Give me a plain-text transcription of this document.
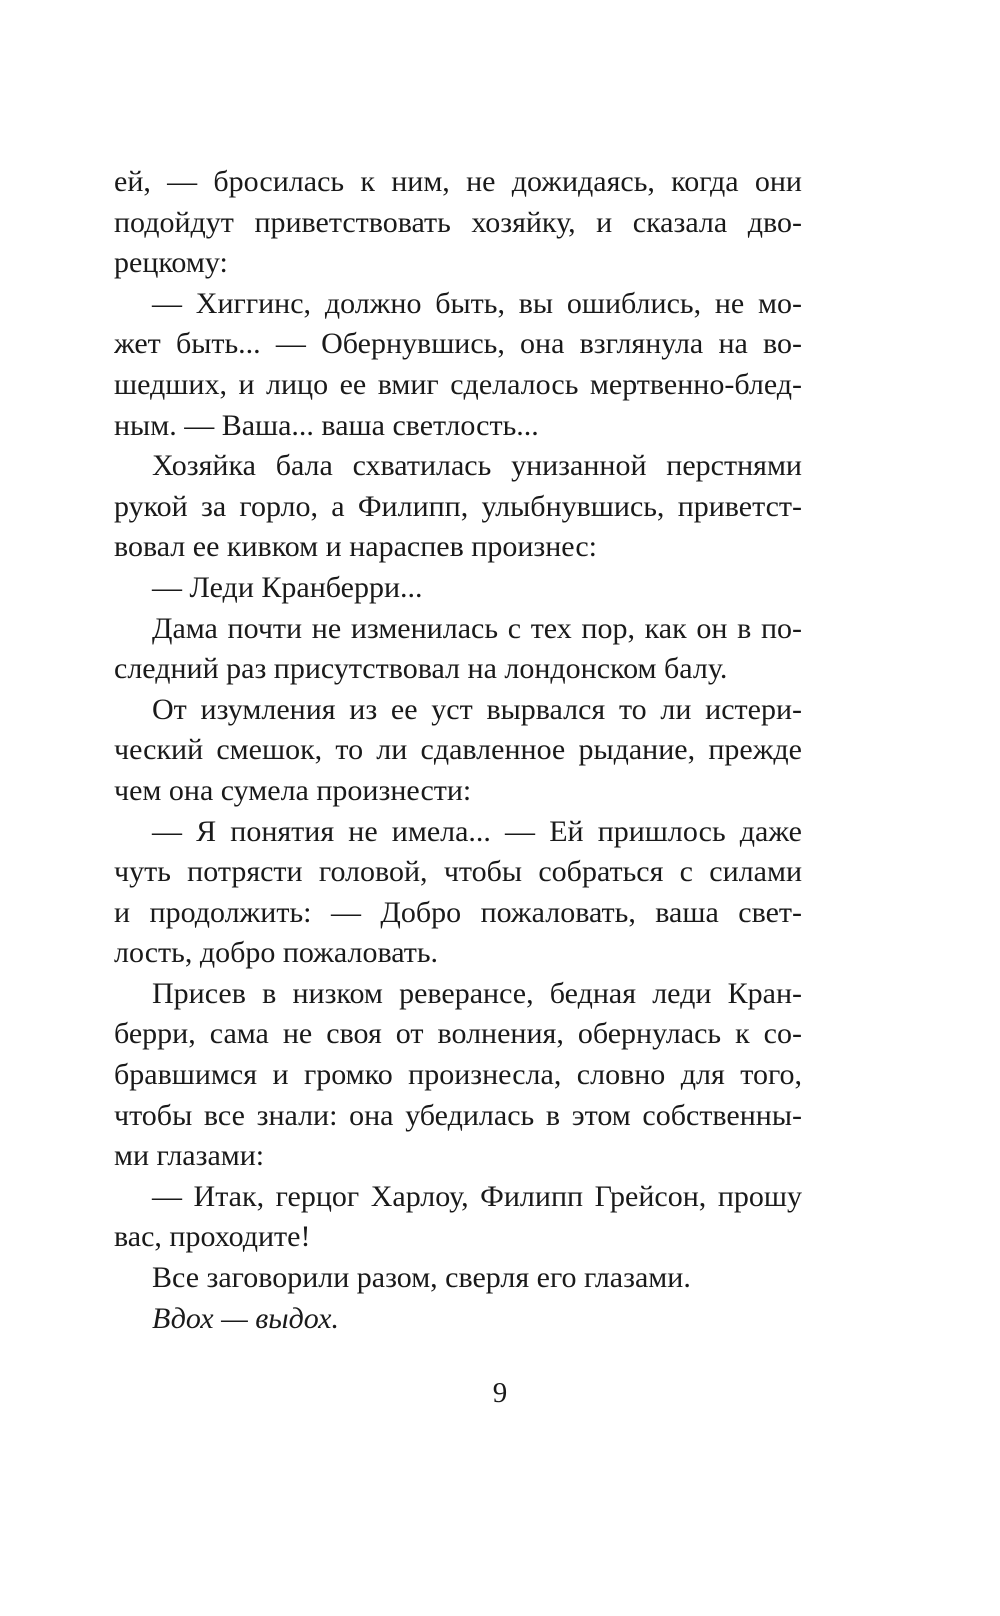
ей, — бросилась к ним, не дожидаясь, когда они
подойдут приветствовать хозяйку, и сказала дво-
рецкому:
— Хиггинс, должно быть, вы ошиблись, не мо-
жет быть... — Обернувшись, она взглянула на во-
шедших, и лицо ее вмиг сделалось мертвенно-блед-
ным. — Ваша... ваша светлость...
Хозяйка бала схватилась унизанной перстнями
рукой за горло, а Филипп, улыбнувшись, приветст-
вовал ее кивком и нараспев произнес:
— Леди Кранберри...
Дама почти не изменилась с тех пор, как он в по-
следний раз присутствовал на лондонском балу.
От изумления из ее уст вырвался то ли истери-
ческий смешок, то ли сдавленное рыдание, прежде
чем она сумела произнести:
— Я понятия не имела... — Ей пришлось даже
чуть потрясти головой, чтобы собраться с силами
и продолжить: — Добро пожаловать, ваша свет-
лость, добро пожаловать.
Присев в низком реверансе, бедная леди Кран-
берри, сама не своя от волнения, обернулась к со-
бравшимся и громко произнесла, словно для того,
чтобы все знали: она убедилась в этом собственны-
ми глазами:
— Итак, герцог Харлоу, Филипп Грейсон, прошу
вас, проходите!
Все заговорили разом, сверля его глазами.
Вдох — выдох.
9
